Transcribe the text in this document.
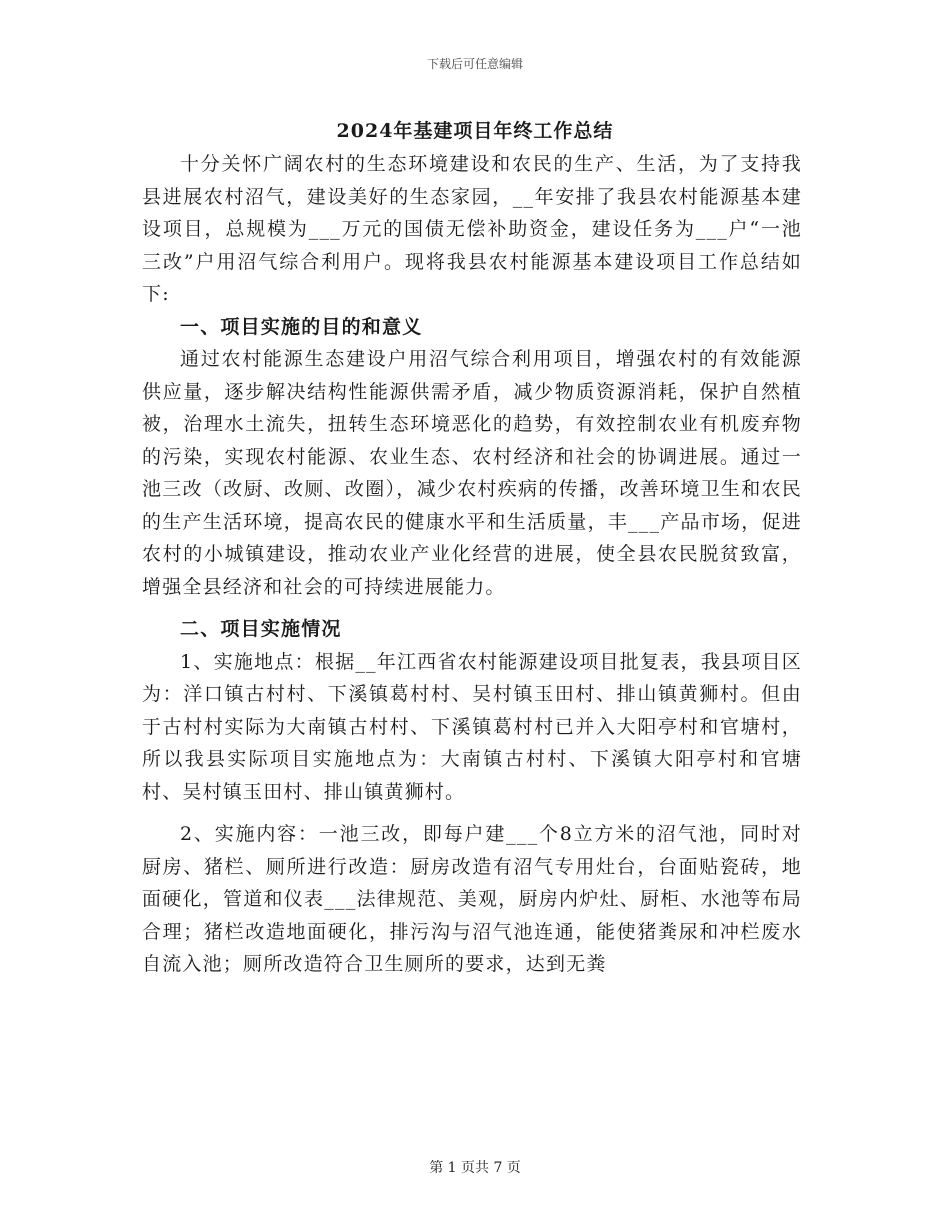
下载后可任意编辑
2024年基建项目年终工作总结

十分关怀广阔农村的生态环境建设和农民的生产、生活，为了支持我县进展农村沼气，建设美好的生态家园，__年安排了我县农村能源基本建设项目，总规模为___万元的国债无偿补助资金，建设任务为___户“一池三改”户用沼气综合利用户。现将我县农村能源基本建设项目工作总结如下:

一、项目实施的目的和意义

通过农村能源生态建设户用沼气综合利用项目，增强农村的有效能源供应量，逐步解决结构性能源供需矛盾，减少物质资源消耗，保护自然植被，治理水土流失，扭转生态环境恶化的趋势，有效控制农业有机废弃物的污染，实现农村能源、农业生态、农村经济和社会的协调进展。通过一池三改（改厨、改厕、改圈），减少农村疾病的传播，改善环境卫生和农民的生产生活环境，提高农民的健康水平和生活质量，丰___产品市场，促进农村的小城镇建设，推动农业产业化经营的进展，使全县农民脱贫致富，增强全县经济和社会的可持续进展能力。

二、项目实施情况

1、实施地点：根据__年江西省农村能源建设项目批复表，我县项目区为：洋口镇古村村、下溪镇葛村村、吴村镇玉田村、排山镇黄狮村。但由于古村村实际为大南镇古村村、下溪镇葛村村已并入大阳亭村和官塘村，所以我县实际项目实施地点为：大南镇古村村、下溪镇大阳亭村和官塘村、吴村镇玉田村、排山镇黄狮村。

2、实施内容：一池三改，即每户建___个8立方米的沼气池，同时对厨房、猪栏、厕所进行改造：厨房改造有沼气专用灶台，台面贴瓷砖，地面硬化，管道和仪表___法律规范、美观，厨房内炉灶、厨柜、水池等布局合理；猪栏改造地面硬化，排污沟与沼气池连通，能使猪粪尿和冲栏废水自流入池；厕所改造符合卫生厕所的要求，达到无粪

第 1 页共 7 页
